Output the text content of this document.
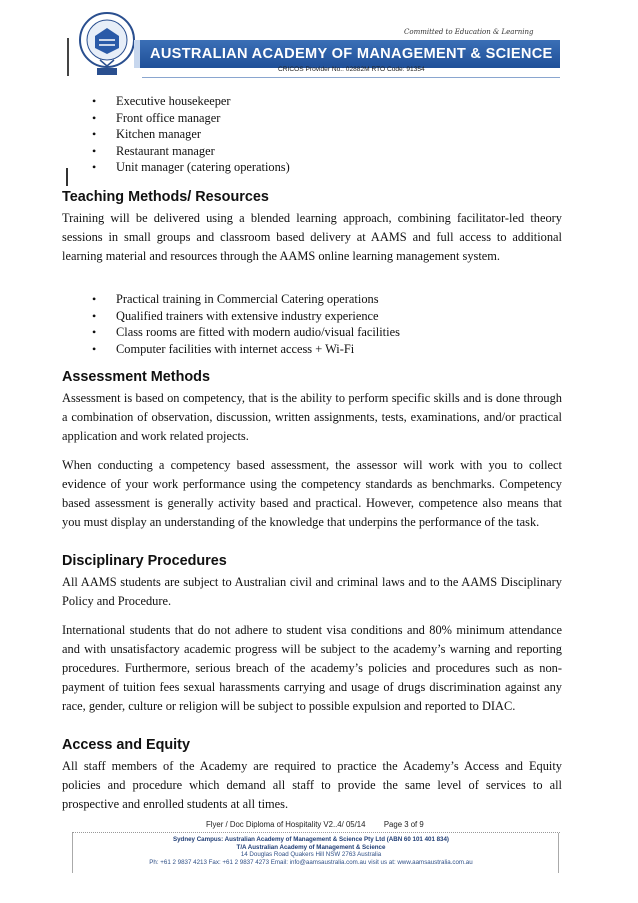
Committed to Education & Learning
AUSTRALIAN ACADEMY OF MANAGEMENT & SCIENCE
CRICOS Provider No.: 02882M RTO Code: 91354
• Executive housekeeper
• Front office manager
• Kitchen manager
• Restaurant manager
• Unit manager (catering operations)
Teaching Methods/ Resources

Training will be delivered using a blended learning approach, combining facilitator-led theory sessions in small groups and classroom based delivery at AAMS and full access to additional learning material and resources through the AAMS online learning management system.

• Practical training in Commercial Catering operations
• Qualified trainers with extensive industry experience
• Class rooms are fitted with modern audio/visual facilities
• Computer facilities with internet access + Wi-Fi
Assessment Methods

Assessment is based on competency, that is the ability to perform specific skills and is done through a combination of observation, discussion, written assignments, tests, examinations, and/or practical application and work related projects.

When conducting a competency based assessment, the assessor will work with you to collect evidence of your work performance using the competency standards as benchmarks. Competency based assessment is generally activity based and practical. However, competence also means that you must display an understanding of the knowledge that underpins the performance of the task.

Disciplinary Procedures

All AAMS students are subject to Australian civil and criminal laws and to the AAMS Disciplinary Policy and Procedure.

International students that do not adhere to student visa conditions and 80% minimum attendance and with unsatisfactory academic progress will be subject to the academy’s warning and reporting procedures. Furthermore, serious breach of the academy’s policies and procedures such as non-payment of tuition fees sexual harassments carrying and usage of drugs discrimination against any race, gender, culture or religion will be subject to possible expulsion and reported to DIAC.

Access and Equity

All staff members of the Academy are required to practice the Academy’s Access and Equity policies and procedure which demand all staff to provide the same level of services to all prospective and enrolled students at all times.

Flyer / Doc Diploma of Hospitality V2..4/ 05/14 Page 3 of 9
Sydney Campus: Australian Academy of Management & Science Pty Ltd (ABN 60 101 401 834)
T/A Australian Academy of Management & Science
14 Douglas Road Quakers Hill NSW 2763 Australia
Ph: +61 2 9837 4213 Fax: +61 2 9837 4273 Email: info@aamsaustralia.com.au visit us at: www.aamsaustralia.com.au
